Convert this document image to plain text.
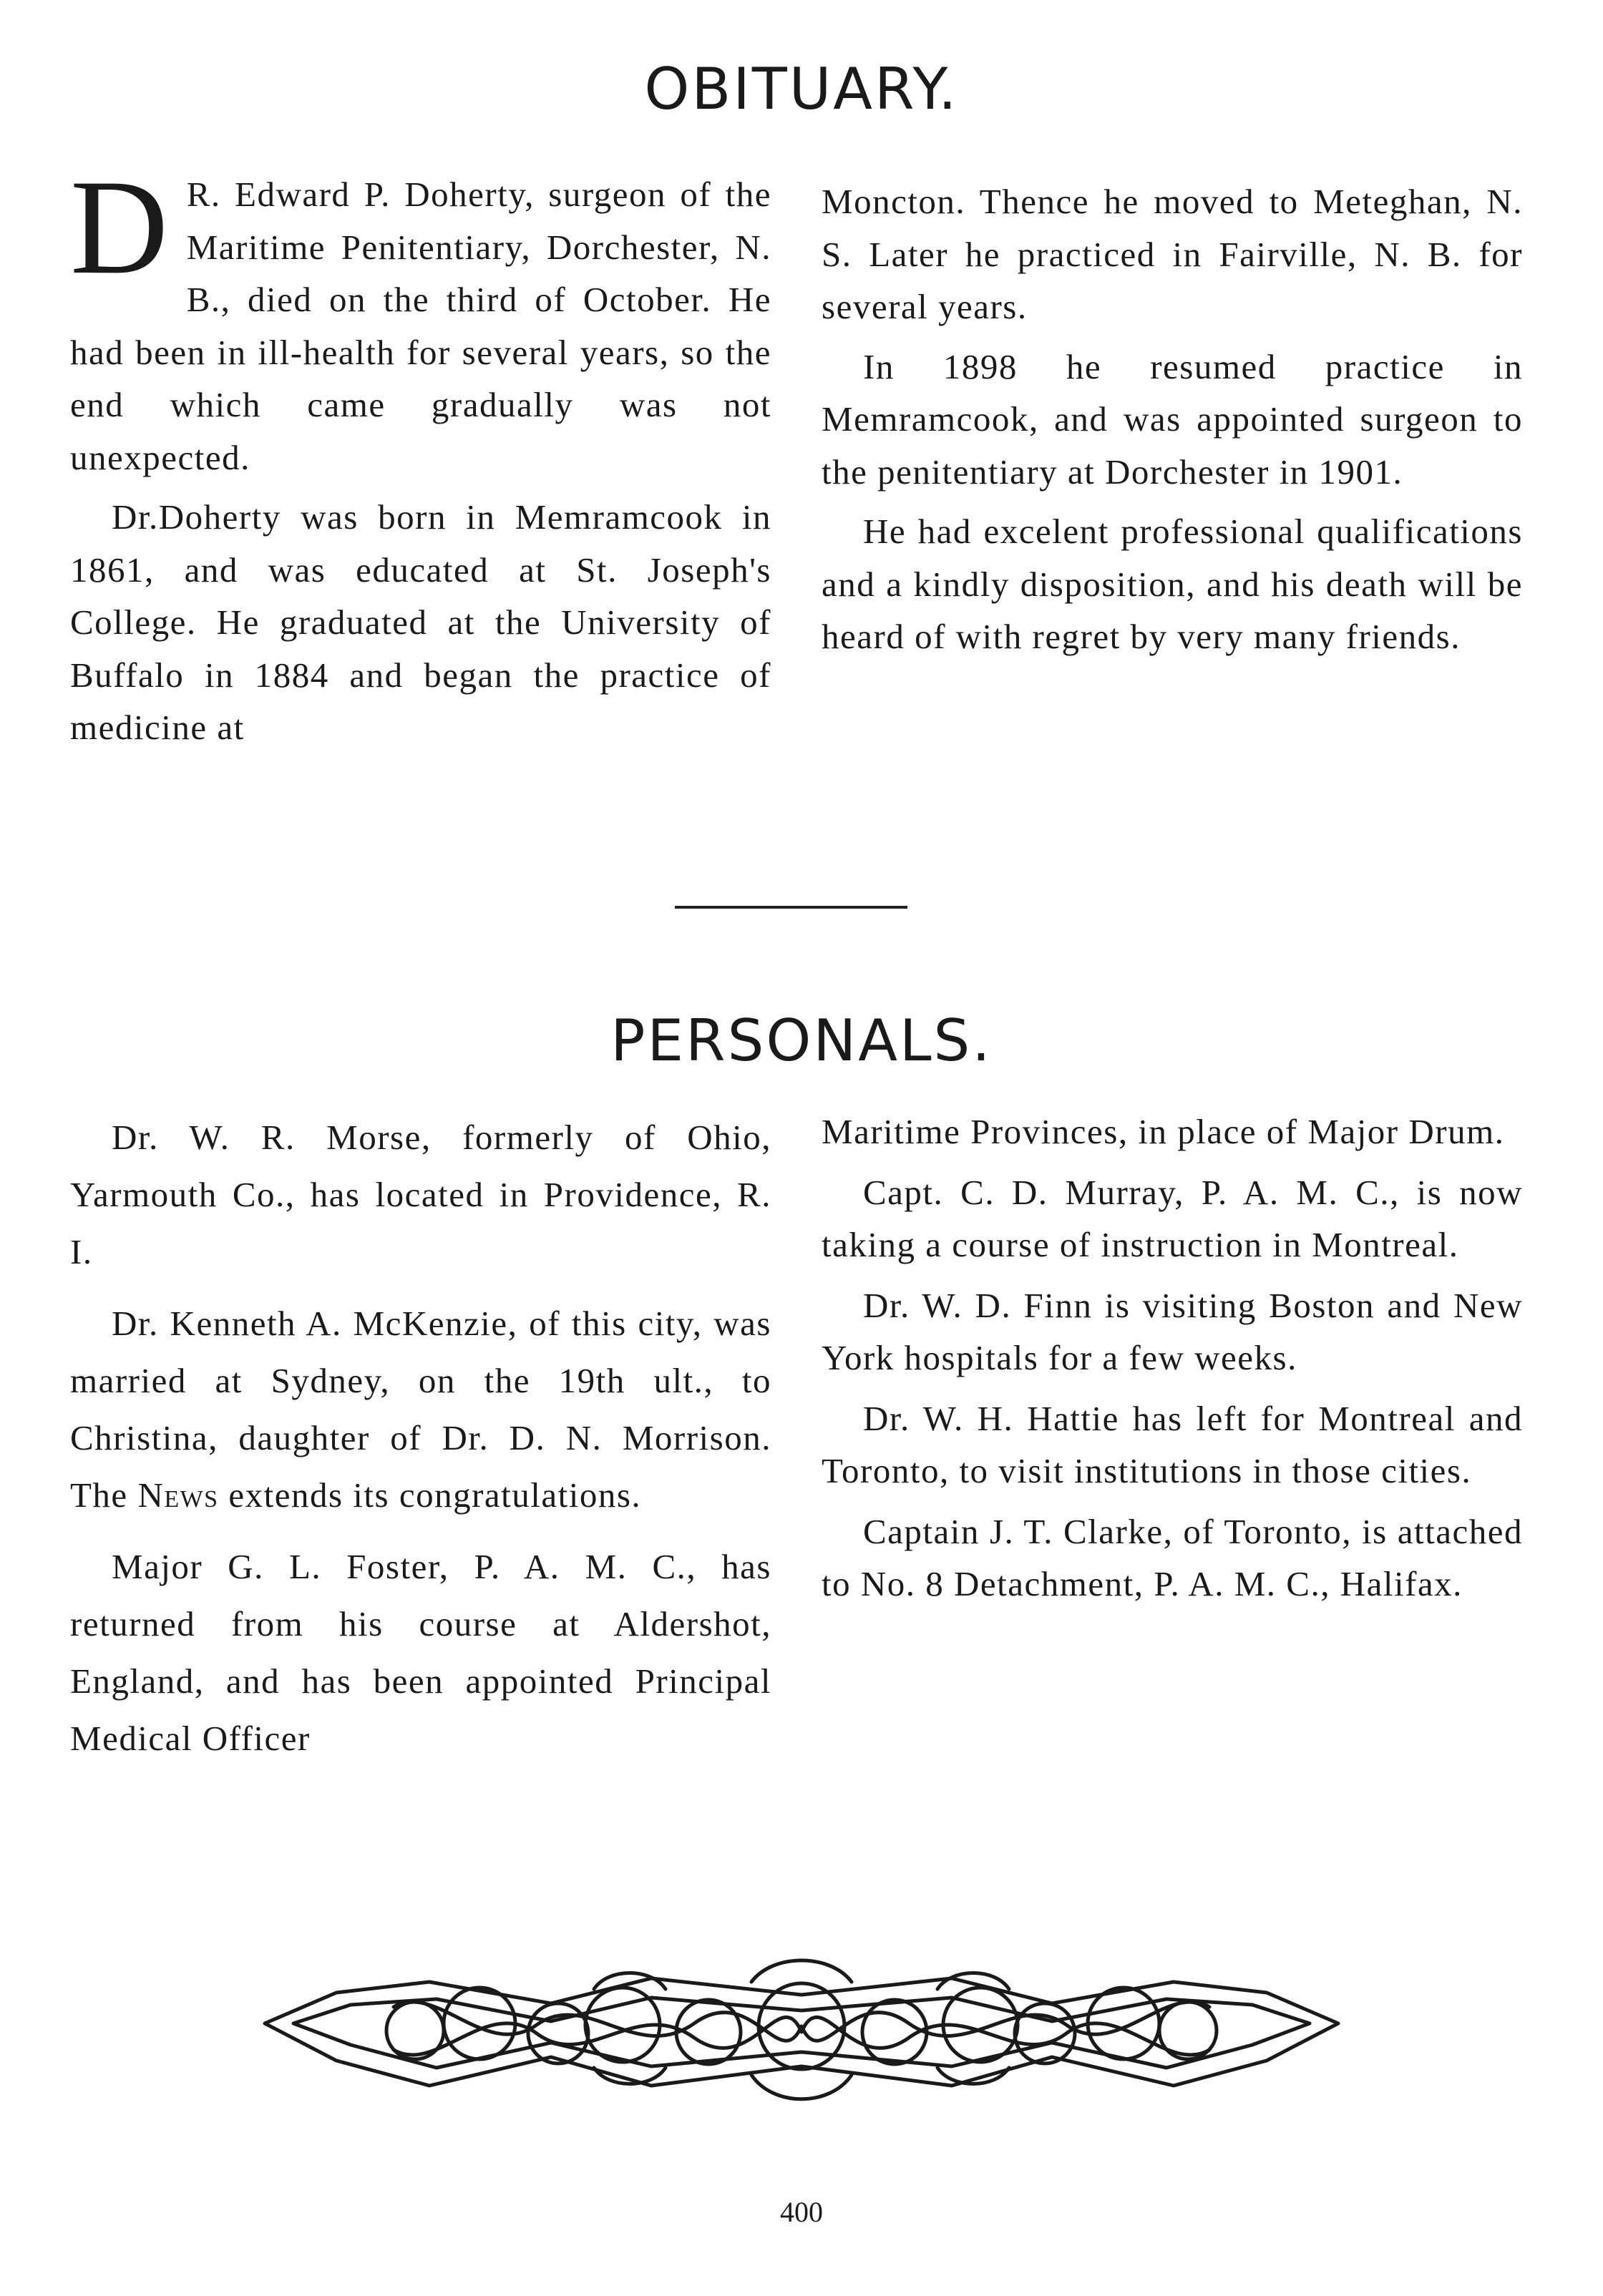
OBITUARY.

D R. Edward P. Doherty, surgeon of the Maritime Penitentiary, Dorchester, N. B., died on the third of October. He had been in ill-health for several years, so the end which came gradually was not unexpected.

Dr.Doherty was born in Memramcook in 1861, and was educated at St. Joseph's College. He graduated at the University of Buffalo in 1884 and began the practice of medicine at

Moncton. Thence he moved to Meteghan, N. S. Later he practiced in Fairville, N. B. for several years.

In 1898 he resumed practice in Memramcook, and was appointed surgeon to the penitentiary at Dorchester in 1901.

He had excelent professional qualifications and a kindly disposition, and his death will be heard of with regret by very many friends.

PERSONALS.

Dr. W. R. Morse, formerly of Ohio, Yarmouth Co., has located in Providence, R. I.

Dr. Kenneth A. McKenzie, of this city, was married at Sydney, on the 19th ult., to Christina, daughter of Dr. D. N. Morrison. The News extends its congratulations.

Major G. L. Foster, P. A. M. C., has returned from his course at Aldershot, England, and has been appointed Principal Medical Officer

Maritime Provinces, in place of Major Drum.

Capt. C. D. Murray, P. A. M. C., is now taking a course of instruction in Montreal.

Dr. W. D. Finn is visiting Boston and New York hospitals for a few weeks.

Dr. W. H. Hattie has left for Montreal and Toronto, to visit institutions in those cities.

Captain J. T. Clarke, of Toronto, is attached to No. 8 Detachment, P. A. M. C., Halifax.

400
